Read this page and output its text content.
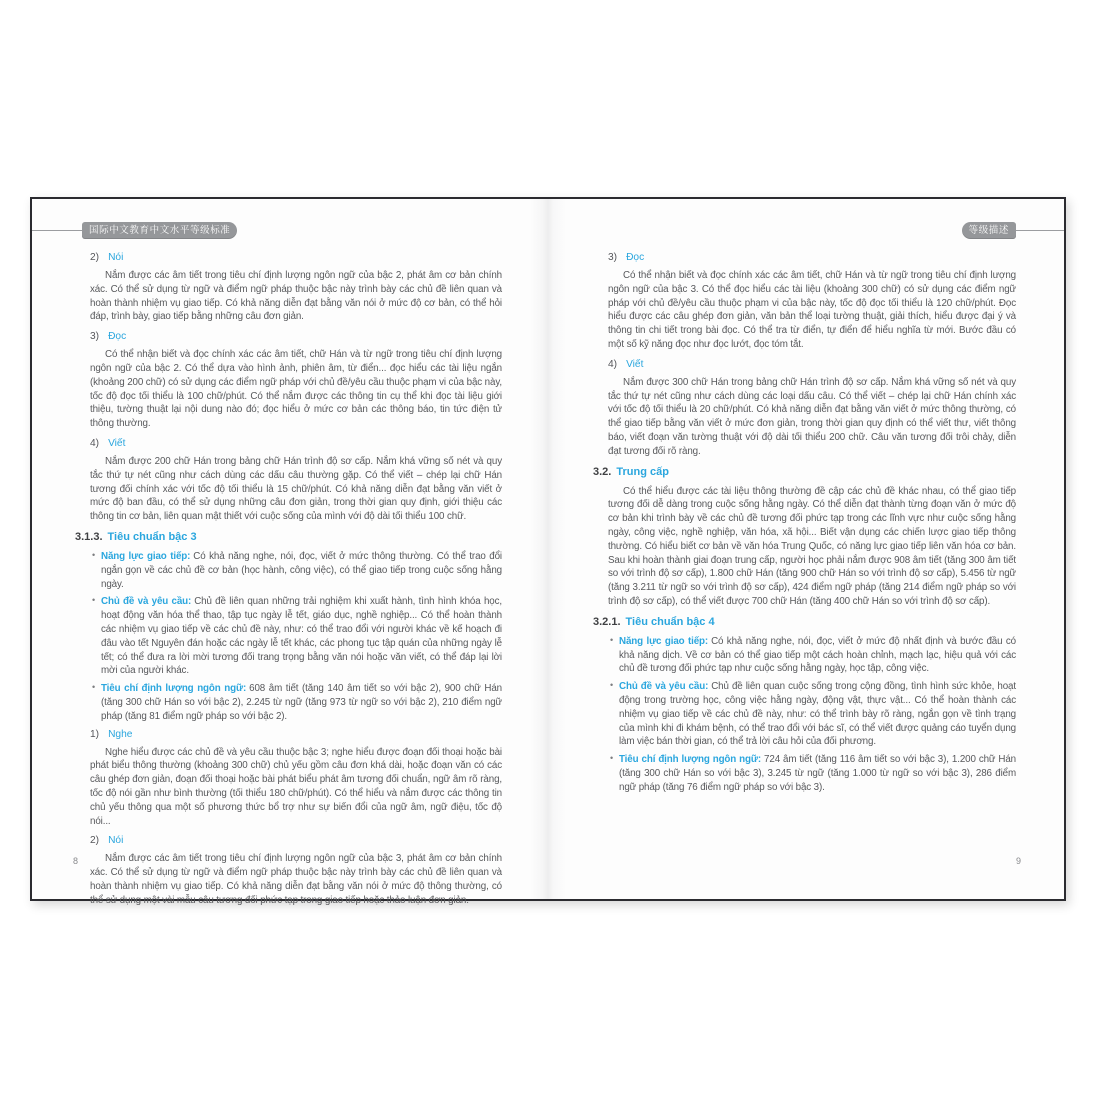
国际中文教育中文水平等级标准
2) Nói

Nắm được các âm tiết trong tiêu chí định lượng ngôn ngữ của bậc 2, phát âm cơ bản chính xác. Có thể sử dụng từ ngữ và điểm ngữ pháp thuộc bậc này trình bày các chủ đề liên quan và hoàn thành nhiệm vụ giao tiếp. Có khả năng diễn đạt bằng văn nói ở mức độ cơ bản, có thể hỏi đáp, trình bày, giao tiếp bằng những câu đơn giản.

3) Đọc

Có thể nhận biết và đọc chính xác các âm tiết, chữ Hán và từ ngữ trong tiêu chí định lượng ngôn ngữ của bậc 2. Có thể dựa vào hình ảnh, phiên âm, từ điển... đọc hiểu các tài liệu ngắn (khoảng 200 chữ) có sử dụng các điểm ngữ pháp với chủ đề/yêu cầu thuộc phạm vi của bậc này, tốc độ đọc tối thiểu là 100 chữ/phút. Có thể nắm được các thông tin cụ thể khi đọc tài liệu giới thiệu, tường thuật lại nội dung nào đó; đọc hiểu ở mức cơ bản các thông báo, tin tức điện tử thông thường.

4) Viết

Nắm được 200 chữ Hán trong bảng chữ Hán trình độ sơ cấp. Nắm khá vững số nét và quy tắc thứ tự nét cũng như cách dùng các dấu câu thường gặp. Có thể viết – chép lại chữ Hán tương đối chính xác với tốc độ tối thiểu là 15 chữ/phút. Có khả năng diễn đạt bằng văn viết ở mức độ ban đầu, có thể sử dụng những câu đơn giản, trong thời gian quy định, giới thiệu các thông tin cơ bản, liên quan mật thiết với cuộc sống của mình với độ dài tối thiểu 100 chữ.

3.1.3. Tiêu chuẩn bậc 3
• Năng lực giao tiếp: Có khả năng nghe, nói, đọc, viết ở mức thông thường. Có thể trao đổi ngắn gọn về các chủ đề cơ bản (học hành, công việc), có thể giao tiếp trong cuộc sống hằng ngày.
• Chủ đề và yêu cầu: Chủ đề liên quan những trải nghiệm khi xuất hành, tình hình khóa học, hoạt động văn hóa thể thao, tập tục ngày lễ tết, giáo dục, nghề nghiệp... Có thể hoàn thành các nhiệm vụ giao tiếp về các chủ đề này, như: có thể trao đổi với người khác về kế hoạch đi đâu vào tết Nguyên đán hoặc các ngày lễ tết khác, các phong tục tập quán của những ngày lễ tết; có thể đưa ra lời mời tương đối trang trọng bằng văn nói hoặc văn viết, có thể đáp lại lời mời của người khác.
• Tiêu chí định lượng ngôn ngữ: 608 âm tiết (tăng 140 âm tiết so với bậc 2), 900 chữ Hán (tăng 300 chữ Hán so với bậc 2), 2.245 từ ngữ (tăng 973 từ ngữ so với bậc 2), 210 điểm ngữ pháp (tăng 81 điểm ngữ pháp so với bậc 2).
1) Nghe

Nghe hiểu được các chủ đề và yêu cầu thuộc bậc 3; nghe hiểu được đoạn đối thoại hoặc bài phát biểu thông thường (khoảng 300 chữ) chủ yếu gồm câu đơn khá dài, hoặc đoạn văn có các câu ghép đơn giản, đoạn đối thoại hoặc bài phát biểu phát âm tương đối chuẩn, ngữ âm rõ ràng, tốc độ nói gần như bình thường (tối thiểu 180 chữ/phút). Có thể hiểu và nắm được các thông tin chủ yếu thông qua một số phương thức bổ trợ như sự biến đổi của ngữ âm, ngữ điệu, tốc độ nói...

2) Nói

Nắm được các âm tiết trong tiêu chí định lượng ngôn ngữ của bậc 3, phát âm cơ bản chính xác. Có thể sử dụng từ ngữ và điểm ngữ pháp thuộc bậc này trình bày các chủ đề liên quan và hoàn thành nhiệm vụ giao tiếp. Có khả năng diễn đạt bằng văn nói ở mức độ thông thường, có thể sử dụng một vài mẫu câu tương đối phức tạp trong giao tiếp hoặc thảo luận đơn giản.

8
等级描述
3) Đọc

Có thể nhận biết và đọc chính xác các âm tiết, chữ Hán và từ ngữ trong tiêu chí định lượng ngôn ngữ của bậc 3. Có thể đọc hiểu các tài liệu (khoảng 300 chữ) có sử dụng các điểm ngữ pháp với chủ đề/yêu cầu thuộc phạm vi của bậc này, tốc độ đọc tối thiểu là 120 chữ/phút. Đọc hiểu được các câu ghép đơn giản, văn bản thể loại tường thuật, giải thích, hiểu được đại ý và thông tin chi tiết trong bài đọc. Có thể tra từ điển, tự điển để hiểu nghĩa từ mới. Bước đầu có một số kỹ năng đọc như đọc lướt, đọc tóm tắt.

4) Viết

Nắm được 300 chữ Hán trong bảng chữ Hán trình độ sơ cấp. Nắm khá vững số nét và quy tắc thứ tự nét cũng như cách dùng các loại dấu câu. Có thể viết – chép lại chữ Hán chính xác với tốc độ tối thiểu là 20 chữ/phút. Có khả năng diễn đạt bằng văn viết ở mức thông thường, có thể giao tiếp bằng văn viết ở mức đơn giản, trong thời gian quy định có thể viết thư, viết thông báo, viết đoạn văn tường thuật với độ dài tối thiểu 200 chữ. Câu văn tương đối trôi chảy, diễn đạt tương đối rõ ràng.

3.2. Trung cấp

Có thể hiểu được các tài liệu thông thường đề cập các chủ đề khác nhau, có thể giao tiếp tương đối dễ dàng trong cuộc sống hằng ngày. Có thể diễn đạt thành từng đoạn văn ở mức độ cơ bản khi trình bày về các chủ đề tương đối phức tạp trong các lĩnh vực như cuộc sống hằng ngày, công việc, nghề nghiệp, văn hóa, xã hội... Biết vận dụng các chiến lược giao tiếp thông thường. Có hiểu biết cơ bản về văn hóa Trung Quốc, có năng lực giao tiếp liên văn hóa cơ bản. Sau khi hoàn thành giai đoạn trung cấp, người học phải nắm được 908 âm tiết (tăng 300 âm tiết so với trình độ sơ cấp), 1.800 chữ Hán (tăng 900 chữ Hán so với trình độ sơ cấp), 5.456 từ ngữ (tăng 3.211 từ ngữ so với trình độ sơ cấp), 424 điểm ngữ pháp (tăng 214 điểm ngữ pháp so với trình độ sơ cấp), có thể viết được 700 chữ Hán (tăng 400 chữ Hán so với trình độ sơ cấp).

3.2.1. Tiêu chuẩn bậc 4
• Năng lực giao tiếp: Có khả năng nghe, nói, đọc, viết ở mức độ nhất định và bước đầu có khả năng dịch. Về cơ bản có thể giao tiếp một cách hoàn chỉnh, mạch lạc, hiệu quả với các chủ đề tương đối phức tạp như cuộc sống hằng ngày, học tập, công việc.
• Chủ đề và yêu cầu: Chủ đề liên quan cuộc sống trong cộng đồng, tình hình sức khỏe, hoạt động trong trường học, công việc hằng ngày, động vật, thực vật... Có thể hoàn thành các nhiệm vụ giao tiếp về các chủ đề này, như: có thể trình bày rõ ràng, ngắn gọn về tình trạng của mình khi đi khám bệnh, có thể trao đổi với bác sĩ, có thể viết được quảng cáo tuyển dụng làm việc bán thời gian, có thể trả lời câu hỏi của đối phương.
• Tiêu chí định lượng ngôn ngữ: 724 âm tiết (tăng 116 âm tiết so với bậc 3), 1.200 chữ Hán (tăng 300 chữ Hán so với bậc 3), 3.245 từ ngữ (tăng 1.000 từ ngữ so với bậc 3), 286 điểm ngữ pháp (tăng 76 điểm ngữ pháp so với bậc 3).
9
